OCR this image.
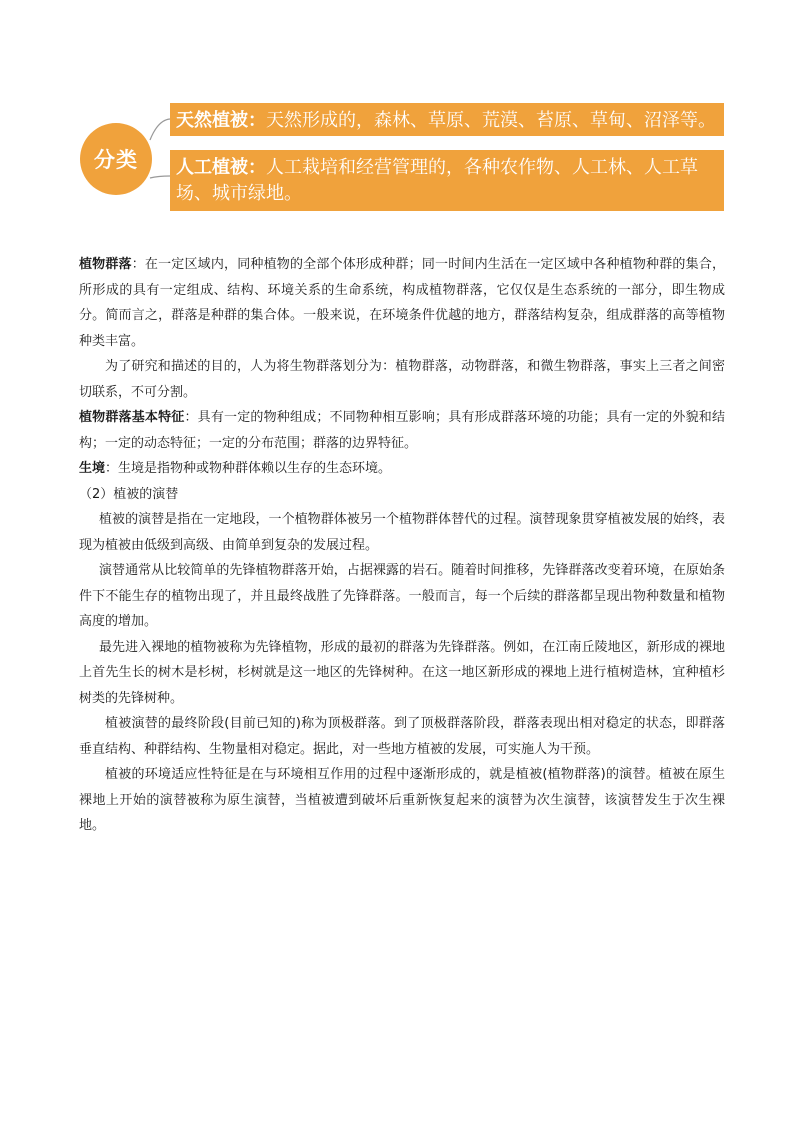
分类
天然植被：天然形成的，森林、草原、荒漠、苔原、草甸、沼泽等。
人工植被：人工栽培和经营管理的，各种农作物、人工林、人工草场、城市绿地。

植物群落：在一定区域内，同种植物的全部个体形成种群；同一时间内生活在一定区域中各种植物种群的集合，所形成的具有一定组成、结构、环境关系的生命系统，构成植物群落，它仅仅是生态系统的一部分，即生物成分。简而言之，群落是种群的集合体。一般来说，在环境条件优越的地方，群落结构复杂，组成群落的高等植物种类丰富。

为了研究和描述的目的，人为将生物群落划分为：植物群落，动物群落，和微生物群落，事实上三者之间密切联系，不可分割。

植物群落基本特征：具有一定的物种组成；不同物种相互影响；具有形成群落环境的功能；具有一定的外貌和结构；一定的动态特征；一定的分布范围；群落的边界特征。

生境：生境是指物种或物种群体赖以生存的生态环境。

（2）植被的演替

植被的演替是指在一定地段，一个植物群体被另一个植物群体替代的过程。演替现象贯穿植被发展的始终，表现为植被由低级到高级、由简单到复杂的发展过程。

演替通常从比较简单的先锋植物群落开始，占据裸露的岩石。随着时间推移，先锋群落改变着环境，在原始条件下不能生存的植物出现了，并且最终战胜了先锋群落。一般而言，每一个后续的群落都呈现出物种数量和植物高度的增加。

最先进入裸地的植物被称为先锋植物，形成的最初的群落为先锋群落。例如，在江南丘陵地区，新形成的裸地上首先生长的树木是杉树，杉树就是这一地区的先锋树种。在这一地区新形成的裸地上进行植树造林，宜种植杉树类的先锋树种。

植被演替的最终阶段(目前已知的)称为顶极群落。到了顶极群落阶段，群落表现出相对稳定的状态，即群落垂直结构、种群结构、生物量相对稳定。据此，对一些地方植被的发展，可实施人为干预。

植被的环境适应性特征是在与环境相互作用的过程中逐渐形成的，就是植被(植物群落)的演替。植被在原生裸地上开始的演替被称为原生演替，当植被遭到破坏后重新恢复起来的演替为次生演替，该演替发生于次生裸地。
